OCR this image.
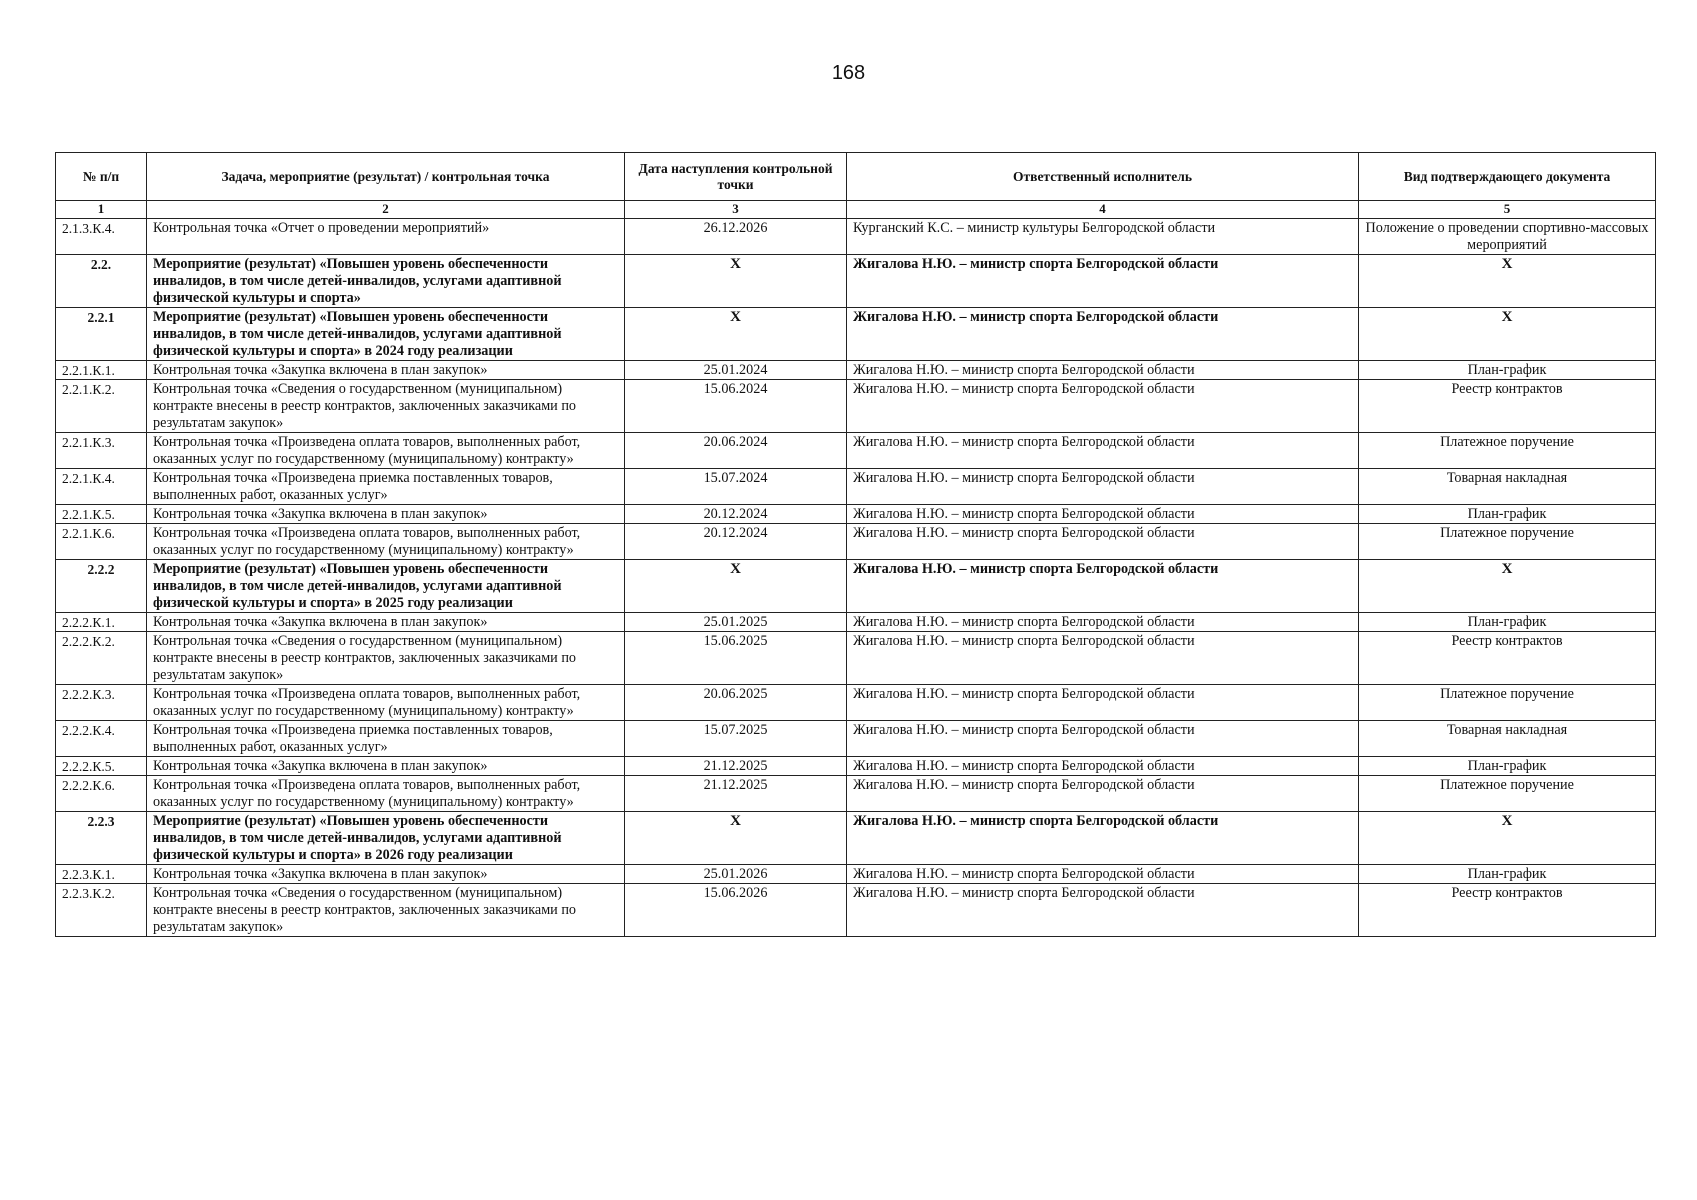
168
№ п/п	Задача, мероприятие (результат) / контрольная точка	Дата наступления контрольной точки	Ответственный исполнитель	Вид подтверждающего документа
1	2	3	4	5
2.1.3.К.4.	Контрольная точка «Отчет о проведении мероприятий»	26.12.2026	Курганский К.С. – министр культуры Белгородской области	Положение о проведении спортивно-массовых мероприятий
2.2.	Мероприятие (результат) «Повышен уровень обеспеченности инвалидов, в том числе детей-инвалидов, услугами адаптивной физической культуры и спорта»	X	Жигалова Н.Ю. – министр спорта Белгородской области	X
2.2.1	Мероприятие (результат) «Повышен уровень обеспеченности инвалидов, в том числе детей-инвалидов, услугами адаптивной физической культуры и спорта» в 2024 году реализации	X	Жигалова Н.Ю. – министр спорта Белгородской области	X
2.2.1.К.1.	Контрольная точка «Закупка включена в план закупок»	25.01.2024	Жигалова Н.Ю. – министр спорта Белгородской области	План-график
2.2.1.К.2.	Контрольная точка «Сведения о государственном (муниципальном) контракте внесены в реестр контрактов, заключенных заказчиками по результатам закупок»	15.06.2024	Жигалова Н.Ю. – министр спорта Белгородской области	Реестр контрактов
2.2.1.К.3.	Контрольная точка «Произведена оплата товаров, выполненных работ, оказанных услуг по государственному (муниципальному) контракту»	20.06.2024	Жигалова Н.Ю. – министр спорта Белгородской области	Платежное поручение
2.2.1.К.4.	Контрольная точка «Произведена приемка поставленных товаров, выполненных работ, оказанных услуг»	15.07.2024	Жигалова Н.Ю. – министр спорта Белгородской области	Товарная накладная
2.2.1.К.5.	Контрольная точка «Закупка включена в план закупок»	20.12.2024	Жигалова Н.Ю. – министр спорта Белгородской области	План-график
2.2.1.К.6.	Контрольная точка «Произведена оплата товаров, выполненных работ, оказанных услуг по государственному (муниципальному) контракту»	20.12.2024	Жигалова Н.Ю. – министр спорта Белгородской области	Платежное поручение
2.2.2	Мероприятие (результат) «Повышен уровень обеспеченности инвалидов, в том числе детей-инвалидов, услугами адаптивной физической культуры и спорта» в 2025 году реализации	X	Жигалова Н.Ю. – министр спорта Белгородской области	X
2.2.2.К.1.	Контрольная точка «Закупка включена в план закупок»	25.01.2025	Жигалова Н.Ю. – министр спорта Белгородской области	План-график
2.2.2.К.2.	Контрольная точка «Сведения о государственном (муниципальном) контракте внесены в реестр контрактов, заключенных заказчиками по результатам закупок»	15.06.2025	Жигалова Н.Ю. – министр спорта Белгородской области	Реестр контрактов
2.2.2.К.3.	Контрольная точка «Произведена оплата товаров, выполненных работ, оказанных услуг по государственному (муниципальному) контракту»	20.06.2025	Жигалова Н.Ю. – министр спорта Белгородской области	Платежное поручение
2.2.2.К.4.	Контрольная точка «Произведена приемка поставленных товаров, выполненных работ, оказанных услуг»	15.07.2025	Жигалова Н.Ю. – министр спорта Белгородской области	Товарная накладная
2.2.2.К.5.	Контрольная точка «Закупка включена в план закупок»	21.12.2025	Жигалова Н.Ю. – министр спорта Белгородской области	План-график
2.2.2.К.6.	Контрольная точка «Произведена оплата товаров, выполненных работ, оказанных услуг по государственному (муниципальному) контракту»	21.12.2025	Жигалова Н.Ю. – министр спорта Белгородской области	Платежное поручение
2.2.3	Мероприятие (результат) «Повышен уровень обеспеченности инвалидов, в том числе детей-инвалидов, услугами адаптивной физической культуры и спорта» в 2026 году реализации	X	Жигалова Н.Ю. – министр спорта Белгородской области	X
2.2.3.К.1.	Контрольная точка «Закупка включена в план закупок»	25.01.2026	Жигалова Н.Ю. – министр спорта Белгородской области	План-график
2.2.3.К.2.	Контрольная точка «Сведения о государственном (муниципальном) контракте внесены в реестр контрактов, заключенных заказчиками по результатам закупок»	15.06.2026	Жигалова Н.Ю. – министр спорта Белгородской области	Реестр контрактов
